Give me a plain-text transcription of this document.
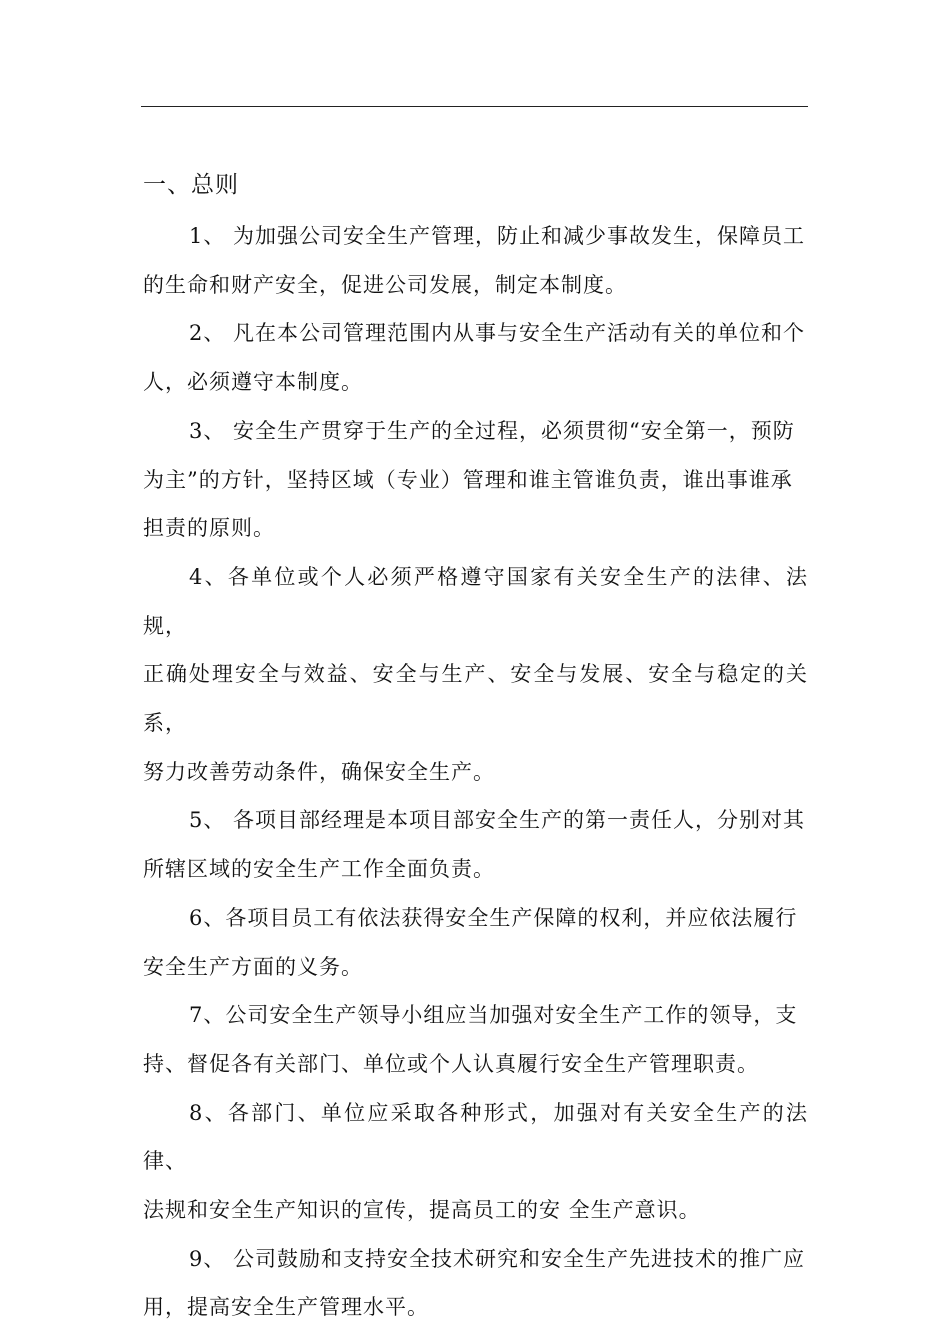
一、总则

1、 为加强公司安全生产管理，防止和减少事故发生，保障员工
的生命和财产安全，促进公司发展，制定本制度。

2、 凡在本公司管理范围内从事与安全生产活动有关的单位和个
人，必须遵守本制度。

3、 安全生产贯穿于生产的全过程，必须贯彻“安全第一，预防
为主”的方针，坚持区域（专业）管理和谁主管谁负责，谁出事谁承
担责的原则。

4、各单位或个人必须严格遵守国家有关安全生产的法律、法规，
正确处理安全与效益、安全与生产、安全与发展、安全与稳定的关系，
努力改善劳动条件，确保安全生产。

5、 各项目部经理是本项目部安全生产的第一责任人，分别对其
所辖区域的安全生产工作全面负责。

6、各项目员工有依法获得安全生产保障的权利，并应依法履行
安全生产方面的义务。

7、公司安全生产领导小组应当加强对安全生产工作的领导，支
持、督促各有关部门、单位或个人认真履行安全生产管理职责。

8、各部门、单位应采取各种形式，加强对有关安全生产的法律、
法规和安全生产知识的宣传，提高员工的安 全生产意识。

9、 公司鼓励和支持安全技术研究和安全生产先进技术的推广应
用，提高安全生产管理水平。
